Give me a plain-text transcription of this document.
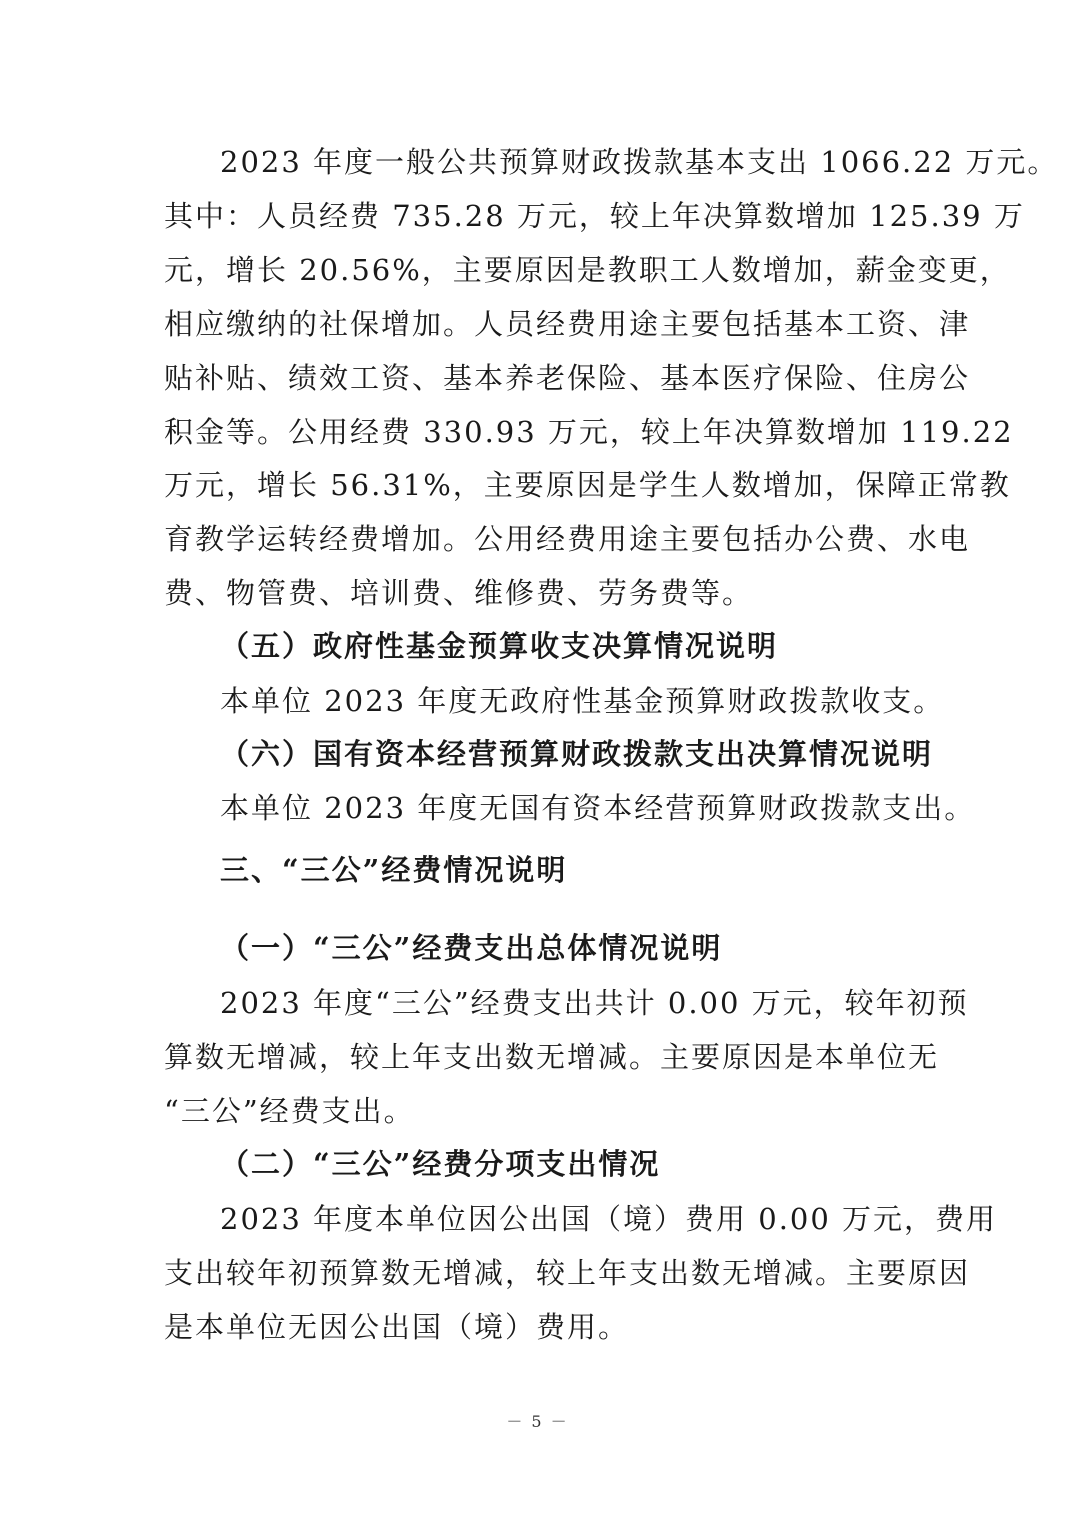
2023 年度一般公共预算财政拨款基本支出 1066.22 万元。

其中：人员经费 735.28 万元，较上年决算数增加 125.39 万

元，增长 20.56%，主要原因是教职工人数增加，薪金变更，

相应缴纳的社保增加。人员经费用途主要包括基本工资、津

贴补贴、绩效工资、基本养老保险、基本医疗保险、住房公

积金等。公用经费 330.93 万元，较上年决算数增加 119.22

万元，增长 56.31%，主要原因是学生人数增加，保障正常教

育教学运转经费增加。公用经费用途主要包括办公费、水电

费、物管费、培训费、维修费、劳务费等。

（五）政府性基金预算收支决算情况说明

本单位 2023 年度无政府性基金预算财政拨款收支。

（六）国有资本经营预算财政拨款支出决算情况说明

本单位 2023 年度无国有资本经营预算财政拨款支出。

三、“三公”经费情况说明
（一）“三公”经费支出总体情况说明

2023 年度“三公”经费支出共计 0.00 万元，较年初预

算数无增减，较上年支出数无增减。主要原因是本单位无

“三公”经费支出。

（二）“三公”经费分项支出情况

2023 年度本单位因公出国（境）费用 0.00 万元，费用

支出较年初预算数无增减，较上年支出数无增减。主要原因

是本单位无因公出国（境）费用。

－ 5 －
